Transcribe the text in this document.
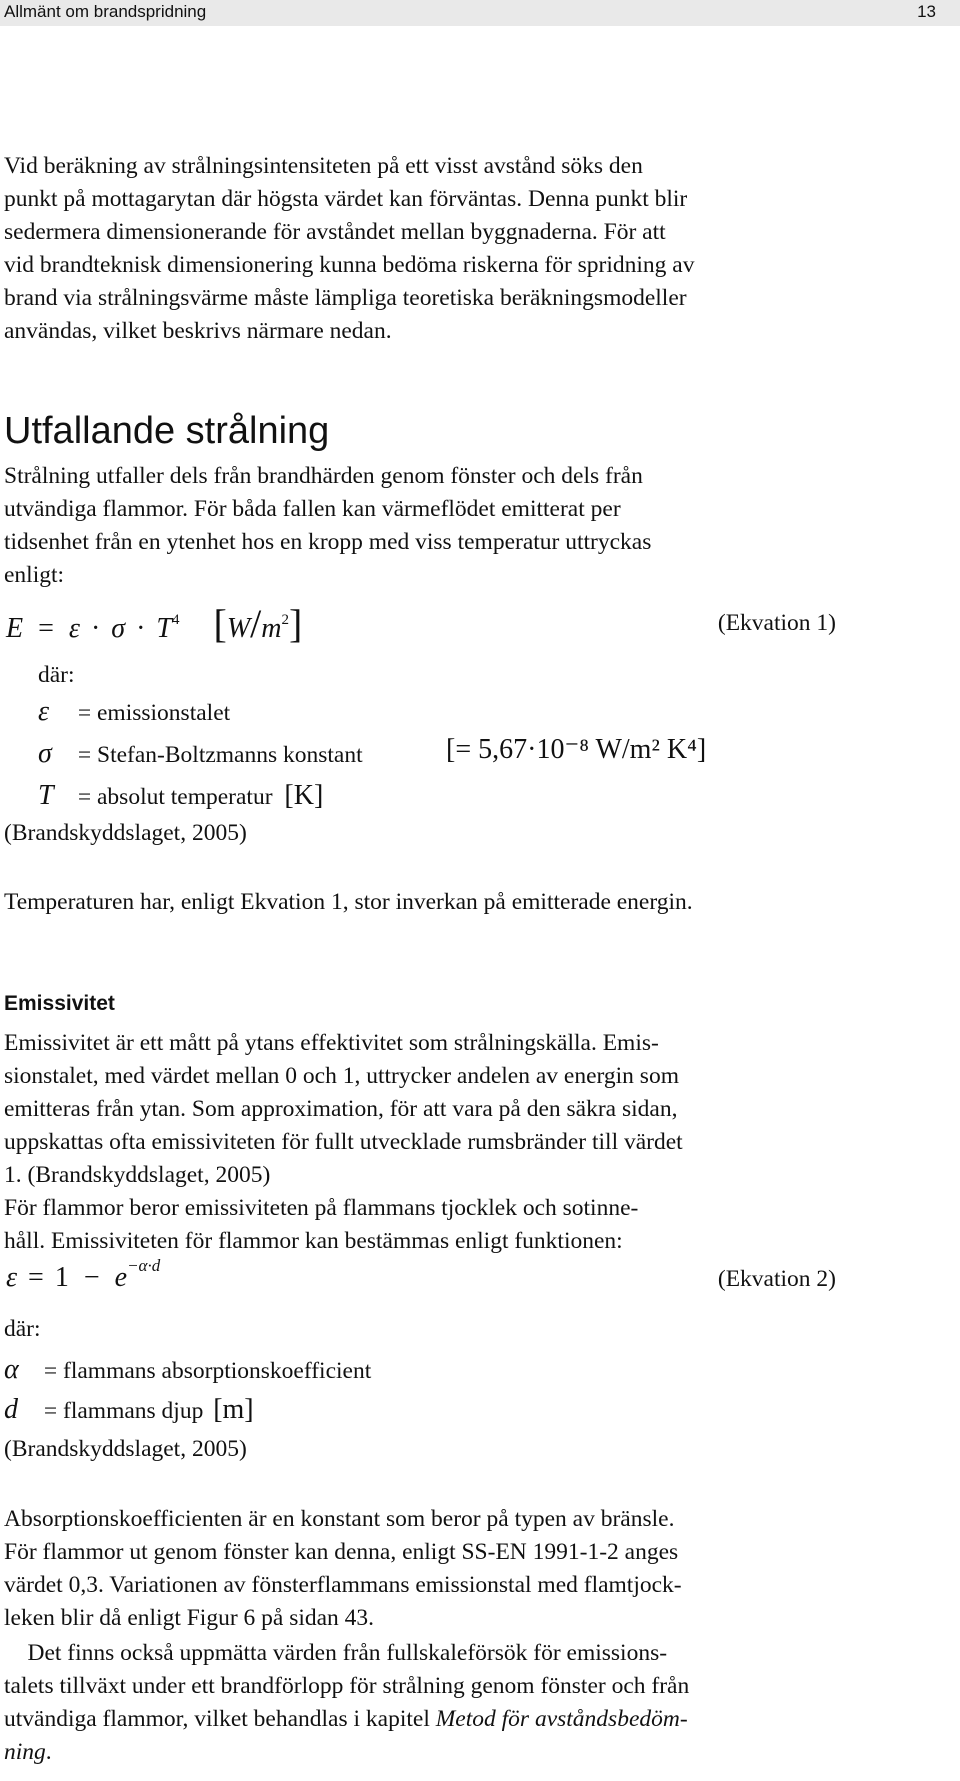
Allmänt om brandspridning	13
Vid beräkning av strålningsintensiteten på ett visst avstånd söks den
punkt på mottagarytan där högsta värdet kan förväntas. Denna punkt blir
sedermera dimensionerande för avståndet mellan byggnaderna. För att
vid brandteknisk dimensionering kunna bedöma riskerna för spridning av
brand via strålningsvärme måste lämpliga teoretiska beräkningsmodeller
användas, vilket beskrivs närmare nedan.
Utfallande strålning
Strålning utfaller dels från brandhärden genom fönster och dels från
utvändiga flammor. För båda fallen kan värmeflödet emitterat per
tidsenhet från en ytenhet hos en kropp med viss temperatur uttryckas
enligt:
$E = \varepsilon \cdot \sigma \cdot T^4$ $[W/m^2]$	(Ekvation 1)
där:
ε = emissionstalet
σ = Stefan-Boltzmanns konstant	[= 5,67·10⁻⁸ W/m² K⁴]
T = absolut temperatur [K]
(Brandskyddslaget, 2005)
Temperaturen har, enligt Ekvation 1, stor inverkan på emitterade energin.
Emissivitet
Emissivitet är ett mått på ytans effektivitet som strålningskälla. Emis-
sionstalet, med värdet mellan 0 och 1, uttrycker andelen av energin som
emitteras från ytan. Som approximation, för att vara på den säkra sidan,
uppskattas ofta emissiviteten för fullt utvecklade rumsbränder till värdet
1. (Brandskyddslaget, 2005)
För flammor beror emissiviteten på flammans tjocklek och sotinne-
håll. Emissiviteten för flammor kan bestämmas enligt funktionen:
$\varepsilon = 1 - e^{-\alpha\cdot d}$
(Ekvation 2)
där:
α = flammans absorptionskoefficient
d = flammans djup [m]
(Brandskyddslaget, 2005)
Absorptionskoefficienten är en konstant som beror på typen av bränsle.
För flammor ut genom fönster kan denna, enligt SS-EN 1991-1-2 anges
värdet 0,3. Variationen av fönsterflammans emissionstal med flamtjock-
leken blir då enligt Figur 6 på sidan 43.
Det finns också uppmätta värden från fullskaleförsök för emissions-
talets tillväxt under ett brandförlopp för strålning genom fönster och från
utvändiga flammor, vilket behandlas i kapitel Metod för avståndsbedöm-
ning.
